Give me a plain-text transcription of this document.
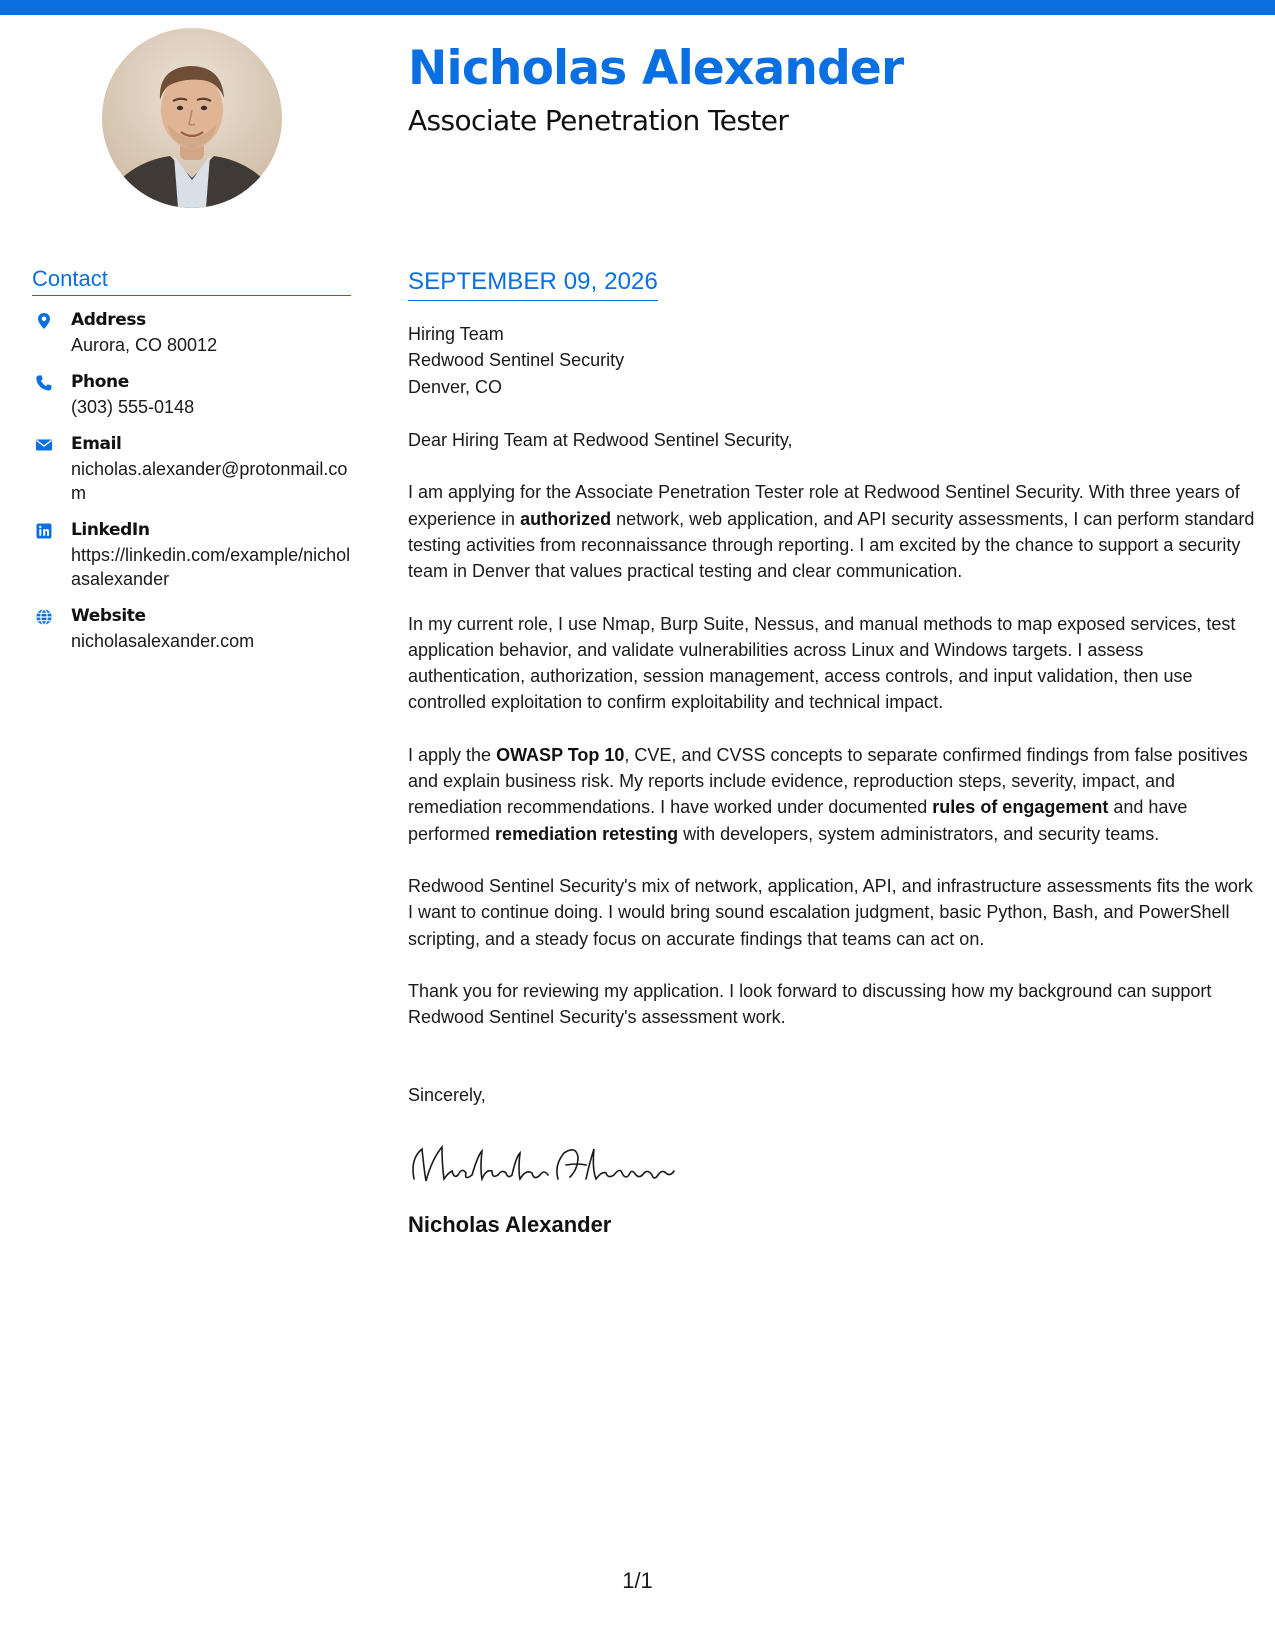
Nicholas Alexander
Associate Penetration Tester
Contact
Address
Aurora, CO 80012
Phone
(303) 555-0148
Email
nicholas.alexander@protonmail.com
LinkedIn
https://linkedin.com/example/nicholasalexander
Website
nicholasalexander.com
SEPTEMBER 09, 2026
Hiring Team
Redwood Sentinel Security
Denver, CO
Dear Hiring Team at Redwood Sentinel Security,

I am applying for the Associate Penetration Tester role at Redwood Sentinel Security. With three years of experience in authorized network, web application, and API security assessments, I can perform standard testing activities from reconnaissance through reporting. I am excited by the chance to support a security team in Denver that values practical testing and clear communication.

In my current role, I use Nmap, Burp Suite, Nessus, and manual methods to map exposed services, test application behavior, and validate vulnerabilities across Linux and Windows targets. I assess authentication, authorization, session management, access controls, and input validation, then use controlled exploitation to confirm exploitability and technical impact.

I apply the OWASP Top 10, CVE, and CVSS concepts to separate confirmed findings from false positives and explain business risk. My reports include evidence, reproduction steps, severity, impact, and remediation recommendations. I have worked under documented rules of engagement and have performed remediation retesting with developers, system administrators, and security teams.

Redwood Sentinel Security's mix of network, application, API, and infrastructure assessments fits the work I want to continue doing. I would bring sound escalation judgment, basic Python, Bash, and PowerShell scripting, and a steady focus on accurate findings that teams can act on.

Thank you for reviewing my application. I look forward to discussing how my background can support Redwood Sentinel Security's assessment work.

Sincerely,
Nicholas Alexander
1/1
